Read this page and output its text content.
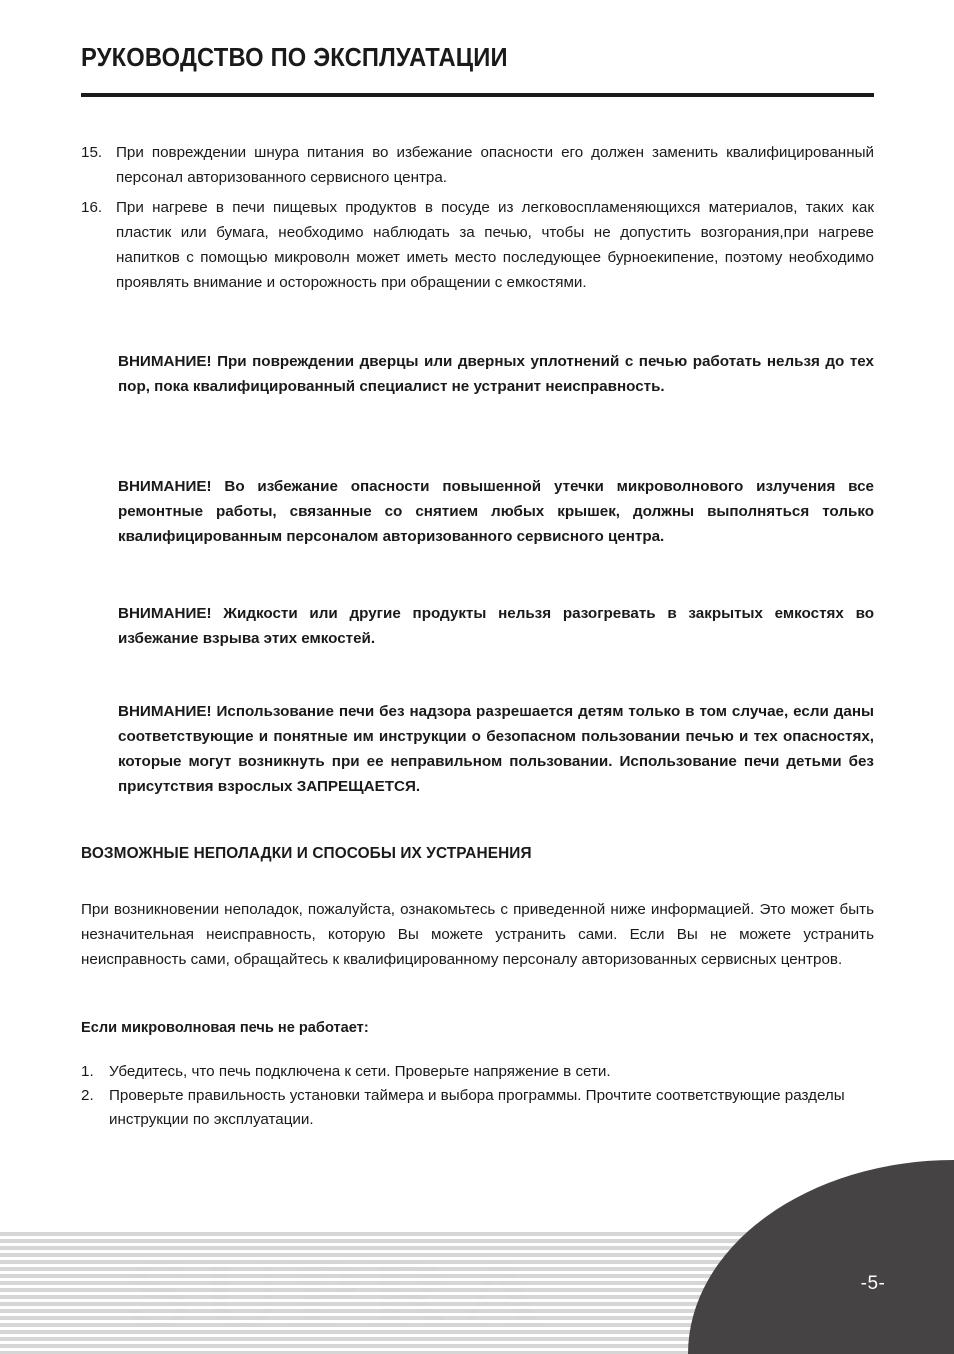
РУКОВОДСТВО ПО ЭКСПЛУАТАЦИИ
15. При повреждении шнура питания во избежание опасности его должен заменить квалифицированный персонал авторизованного сервисного центра.
16. При нагреве в печи пищевых продуктов в посуде из легковоспламеняющихся материалов, таких как пластик или бумага, необходимо наблюдать за печью, чтобы не допустить возгорания,при нагреве напитков с помощью микроволн может иметь место последующее бурноекипение, поэтому необходимо проявлять внимание и осторожность при обращении с емкостями.
ВНИМАНИЕ! При повреждении дверцы или дверных уплотнений с печью работать нельзя до тех пор, пока квалифицированный специалист не устранит неисправность.
ВНИМАНИЕ! Во избежание опасности повышенной утечки микроволнового излучения все ремонтные работы, связанные со снятием любых крышек, должны выполняться только квалифицированным персоналом авторизованного сервисного центра.
ВНИМАНИЕ! Жидкости или другие продукты нельзя разогревать в закрытых емкостях во избежание взрыва этих емкостей.
ВНИМАНИЕ! Использование печи без надзора разрешается детям только в том случае, если даны соответствующие и понятные им инструкции о безопасном пользовании печью и тех опасностях, которые могут возникнуть при ее неправильном пользовании. Использование печи детьми без присутствия взрослых ЗАПРЕЩАЕТСЯ.
ВОЗМОЖНЫЕ НЕПОЛАДКИ И СПОСОБЫ ИХ УСТРАНЕНИЯ
При возникновении неполадок, пожалуйста, ознакомьтесь с приведенной ниже информацией. Это может быть незначительная неисправность, которую Вы можете устранить сами. Если Вы не можете устранить неисправность сами, обращайтесь к квалифицированному персоналу авторизованных сервисных центров.
Если микроволновая печь не работает:
1.	Убедитесь, что печь подключена к сети. Проверьте напряжение в сети.
2.	Проверьте правильность установки таймера и выбора программы. Прочтите соответствующие разделы инструкции по эксплуатации.
-5-
